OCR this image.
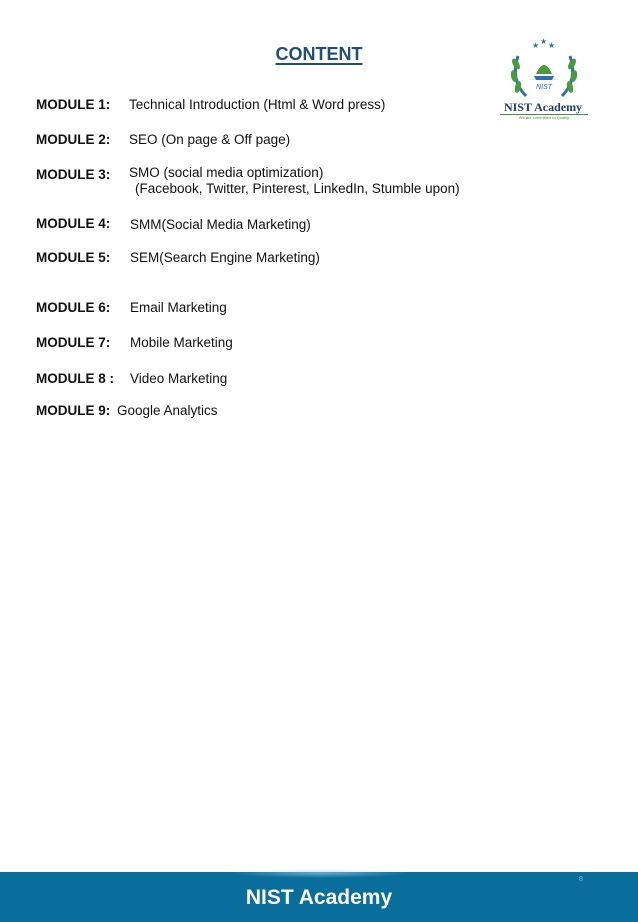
CONTENT	★ ★ ★
NIST
NIST Academy
We are committed to Quality
MODULE 1: Technical Introduction (Html & Word press)
MODULE 2: SEO (On page & Off page)
MODULE 3: SMO (social media optimization)
(Facebook, Twitter, Pinterest, LinkedIn, Stumble upon)
MODULE 4: SMM(Social Media Marketing)
MODULE 5: SEM(Search Engine Marketing)
MODULE 6: Email Marketing
MODULE 7: Mobile Marketing
MODULE 8 : Video Marketing
MODULE 9: Google Analytics
8
NIST Academy
